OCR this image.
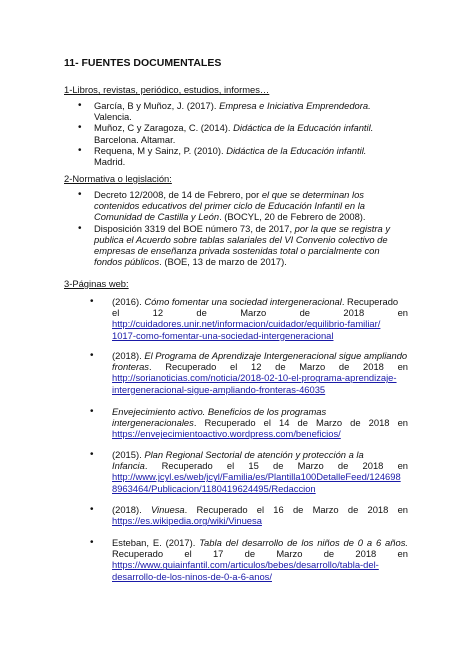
11- FUENTES DOCUMENTALES
1-Libros, revistas, periódico, estudios, informes…
• García, B y Muñoz, J. (2017). Empresa e Iniciativa Emprendedora.
Valencia.
• Muñoz, C y Zaragoza, C. (2014). Didáctica de la Educación infantil.
Barcelona. Altamar.
• Requena, M y Sainz, P. (2010). Didáctica de la Educación infantil.
Madrid.
2-Normativa o legislación:
• Decreto 12/2008, de 14 de Febrero, por el que se determinan los
contenidos educativos del primer ciclo de Educación Infantil en la
Comunidad de Castilla y León. (BOCYL, 20 de Febrero de 2008).
• Disposición 3319 del BOE número 73, de 2017, por la que se registra y
publica el Acuerdo sobre tablas salariales del VI Convenio colectivo de
empresas de enseñanza privada sostenidas total o parcialmente con
fondos públicos. (BOE, 13 de marzo de 2017).
3-Páginas web:
• (2016). Cómo fomentar una sociedad intergeneracional. Recuperado
el 12 de Marzo de 2018 en
http://cuidadores.unir.net/informacion/cuidador/equilibrio-familiar/
1017-como-fomentar-una-sociedad-intergeneracional
• (2018). El Programa de Aprendizaje Intergeneracional sigue ampliando
fronteras. Recuperado el 12 de Marzo de 2018 en
http://sorianoticias.com/noticia/2018-02-10-el-programa-aprendizaje-
intergeneracional-sigue-ampliando-fronteras-46035
• Envejecimiento activo. Beneficios de los programas
intergeneracionales. Recuperado el 14 de Marzo de 2018 en
https://envejecimientoactivo.wordpress.com/beneficios/
• (2015). Plan Regional Sectorial de atención y protección a la
Infancia. Recuperado el 15 de Marzo de 2018 en
http://www.jcyl.es/web/jcyl/Familia/es/Plantilla100DetalleFeed/124698
8963464/Publicacion/1180419624495/Redaccion
• (2018). Vinuesa. Recuperado el 16 de Marzo de 2018 en
https://es.wikipedia.org/wiki/Vinuesa
• Esteban, E. (2017). Tabla del desarrollo de los niños de 0 a 6 años.
Recuperado el 17 de Marzo de 2018 en
https://www.guiainfantil.com/articulos/bebes/desarrollo/tabla-del-
desarrollo-de-los-ninos-de-0-a-6-anos/
